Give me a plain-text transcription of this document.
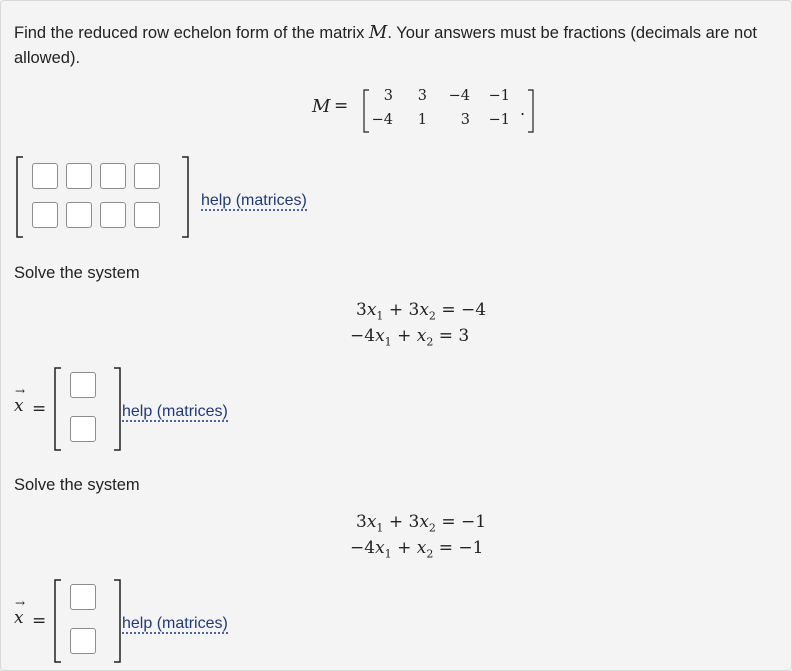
Find the reduced row echelon form of the matrix M. Your answers must be fractions (decimals are not allowed).
M =	3	3	−4	−1
−4	1	3	−1
.
help (matrices)
Solve the system
$3x_1 + 3x_2 = -4$
$-4x_1 + x_2 = 3$
→
x =	help (matrices)
Solve the system
$3x_1 + 3x_2 = -1$
$-4x_1 + x_2 = -1$
→
x =	help (matrices)
